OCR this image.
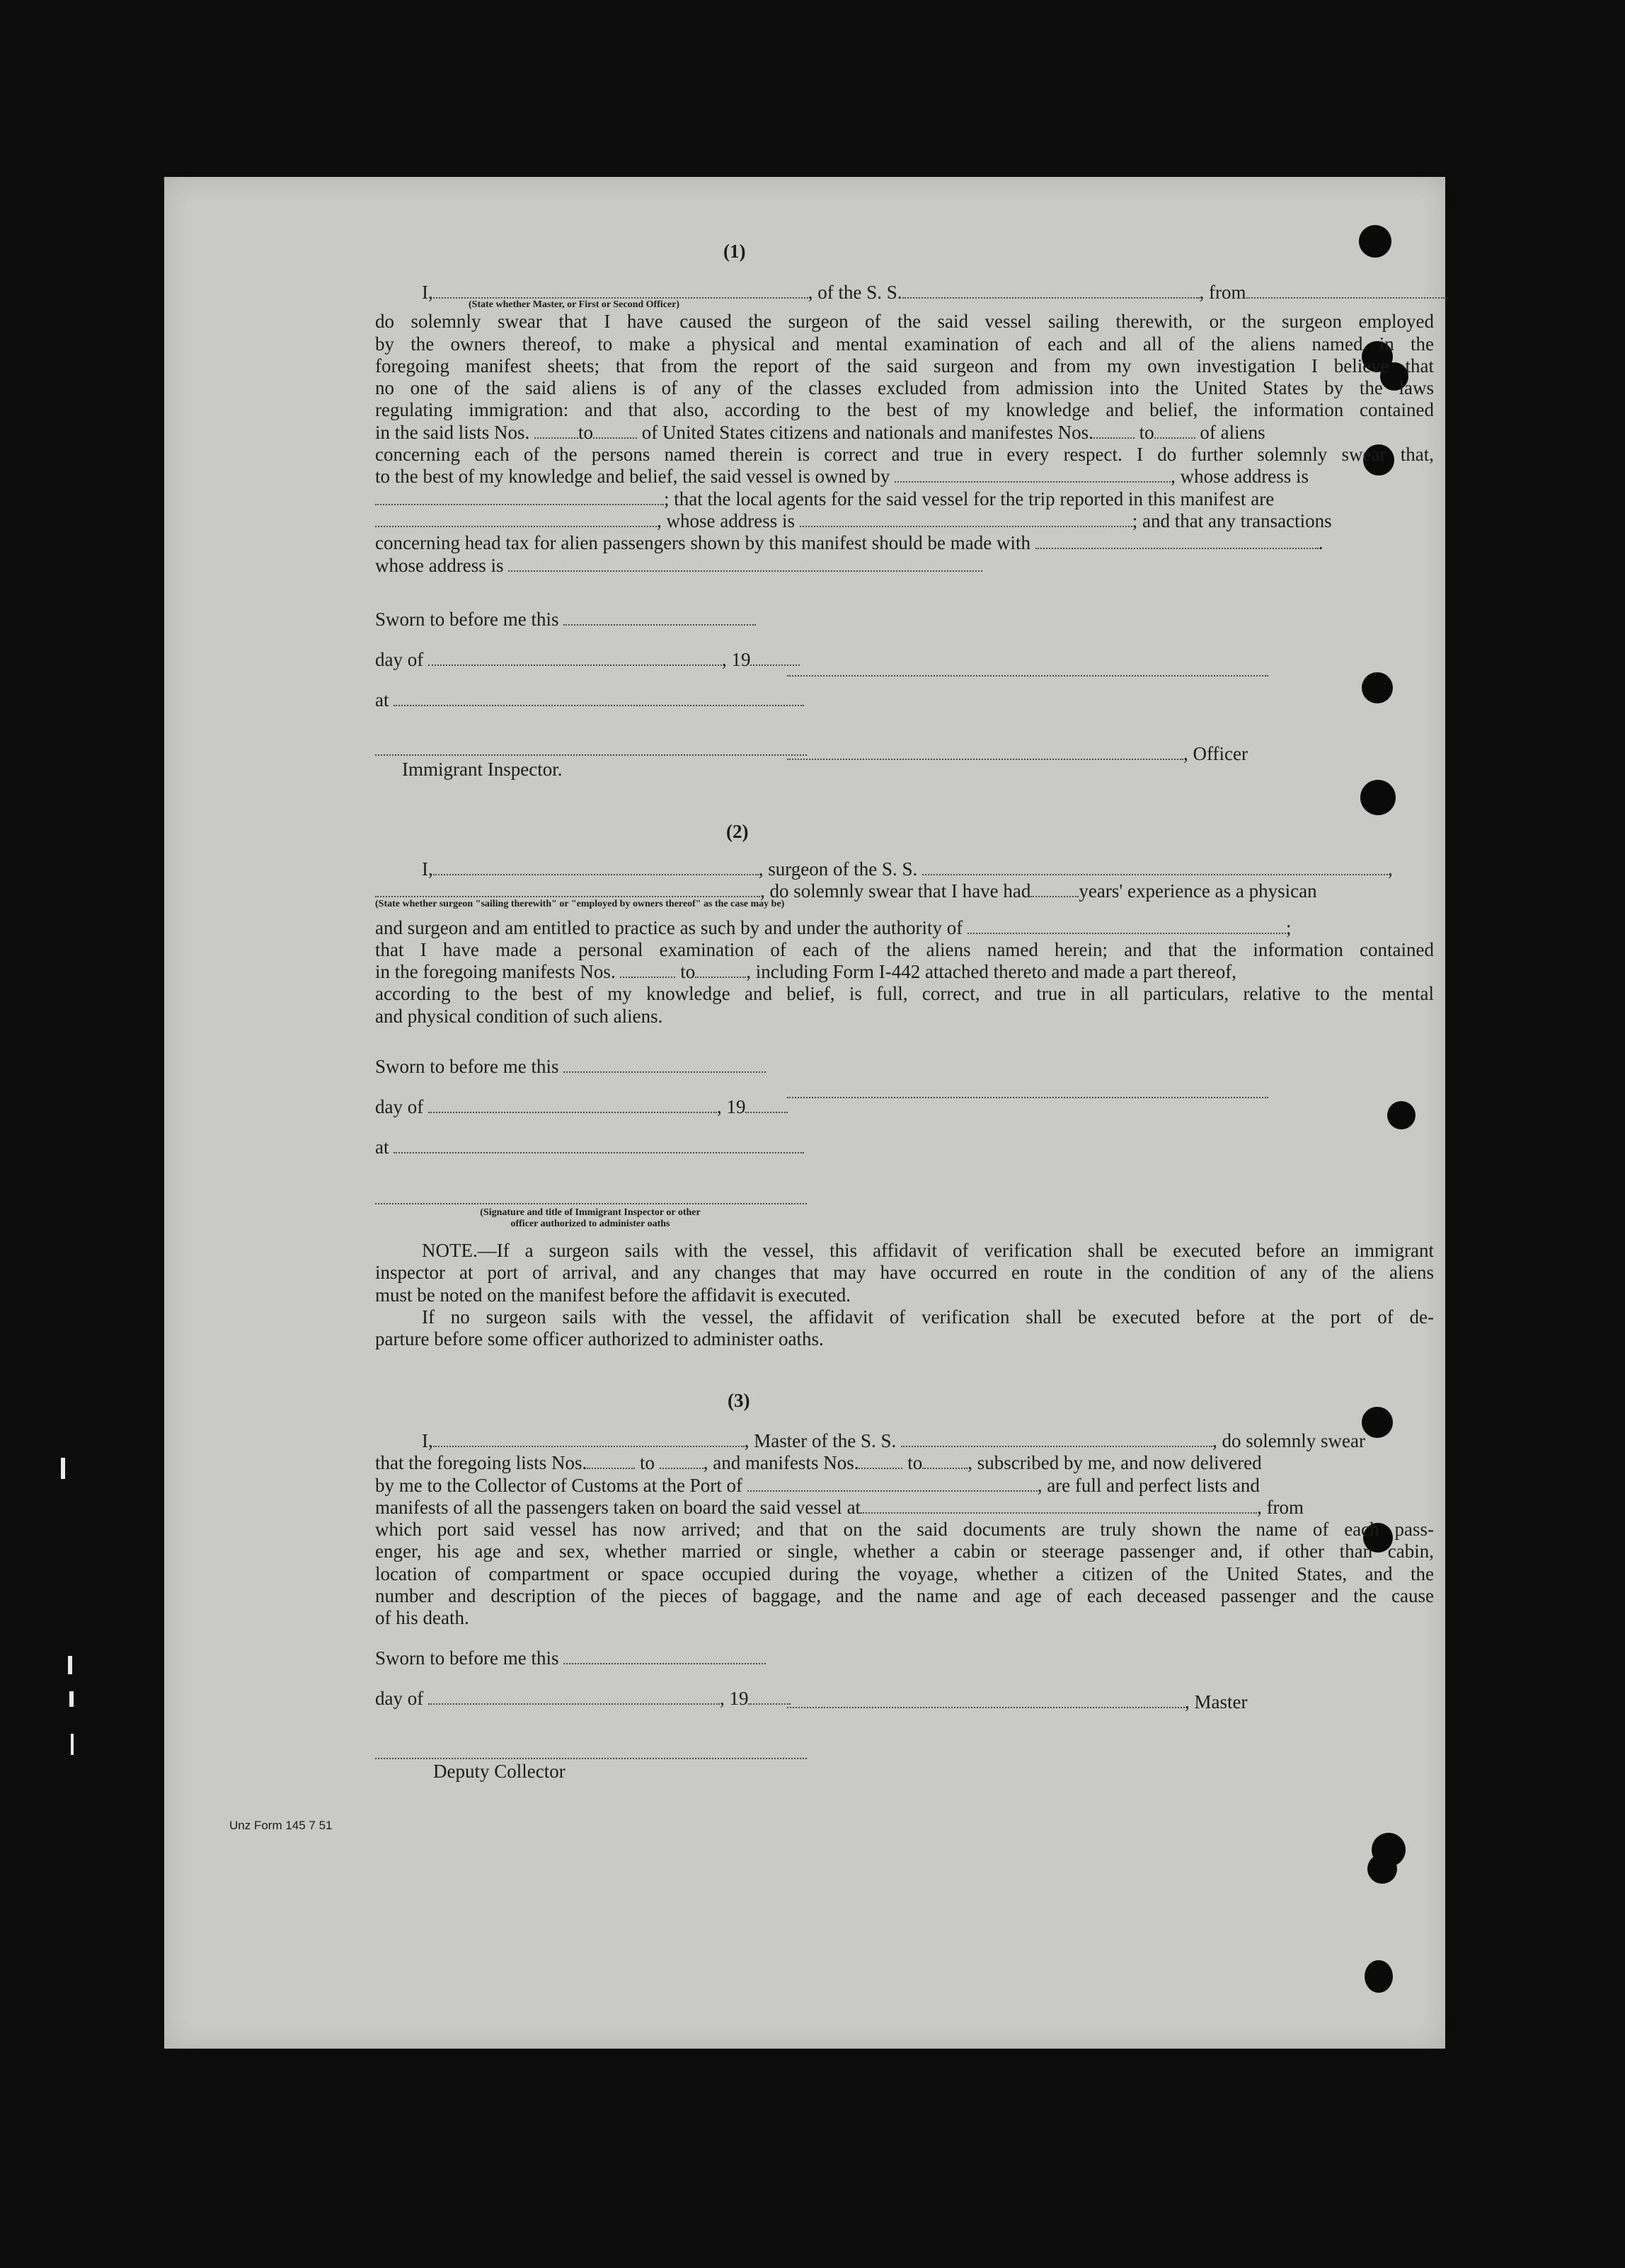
(1)
I,	, of the S. S.	, from	.
(State whether Master, or First or Second Officer)
do solemnly swear that I have caused the surgeon of the said vessel sailing therewith, or the surgeon employed
by the owners thereof, to make a physical and mental examination of each and all of the aliens named in the
foregoing manifest sheets; that from the report of the said surgeon and from my own investigation I believe that
no one of the said aliens is of any of the classes excluded from admission into the United States by the laws
regulating immigration: and that also, according to the best of my knowledge and belief, the information contained
in the said lists Nos.	to	of United States citizens and nationals and manifestes Nos. to of aliens
concerning each of the persons named therein is correct and true in every respect. I do further solemnly swear that,
to the best of my knowledge and belief, the said vessel is owned by	, whose address is
; that the local agents for the said vessel for the trip reported in this manifest are
, whose address is	; and that any transactions
concerning head tax for alien passengers shown by this manifest should be made with	.
whose address is
Sworn to before me this
day of	, 19
at
, Officer
Immigrant Inspector.
(2)
I,	, surgeon of the S. S.	,
, do solemnly swear that I have had	years' experience as a physican
(State whether surgeon "sailing therewith" or "employed by owners thereof" as the case may be)
and surgeon and am entitled to practice as such by and under the authority of	;
that I have made a personal examination of each of the aliens named herein; and that the information contained
in the foregoing manifests Nos.	to	, including Form I-442 attached thereto and made a part thereof,
according to the best of my knowledge and belief, is full, correct, and true in all particulars, relative to the mental
and physical condition of such aliens.
Sworn to before me this
day of	, 19
at
(Signature and title of Immigrant Inspector or other
officer authorized to administer oaths
NOTE.—If a surgeon sails with the vessel, this affidavit of verification shall be executed before an immigrant
inspector at port of arrival, and any changes that may have occurred en route in the condition of any of the aliens
must be noted on the manifest before the affidavit is executed.
If no surgeon sails with the vessel, the affidavit of verification shall be executed before at the port of de-
parture before some officer authorized to administer oaths.
(3)
I,	, Master of the S. S.	, do solemnly swear
that the foregoing lists Nos.	to	, and manifests Nos.	to , subscribed by me, and now delivered
by me to the Collector of Customs at the Port of	, are full and perfect lists and
manifests of all the passengers taken on board the said vessel at	, from
which port said vessel has now arrived; and that on the said documents are truly shown the name of each pass-
enger, his age and sex, whether married or single, whether a cabin or steerage passenger and, if other than cabin,
location of compartment or space occupied during the voyage, whether a citizen of the United States, and the
number and description of the pieces of baggage, and the name and age of each deceased passenger and the cause
of his death.
Sworn to before me this
day of	, 19	, Master
Deputy Collector
Unz Form 145 7 51
